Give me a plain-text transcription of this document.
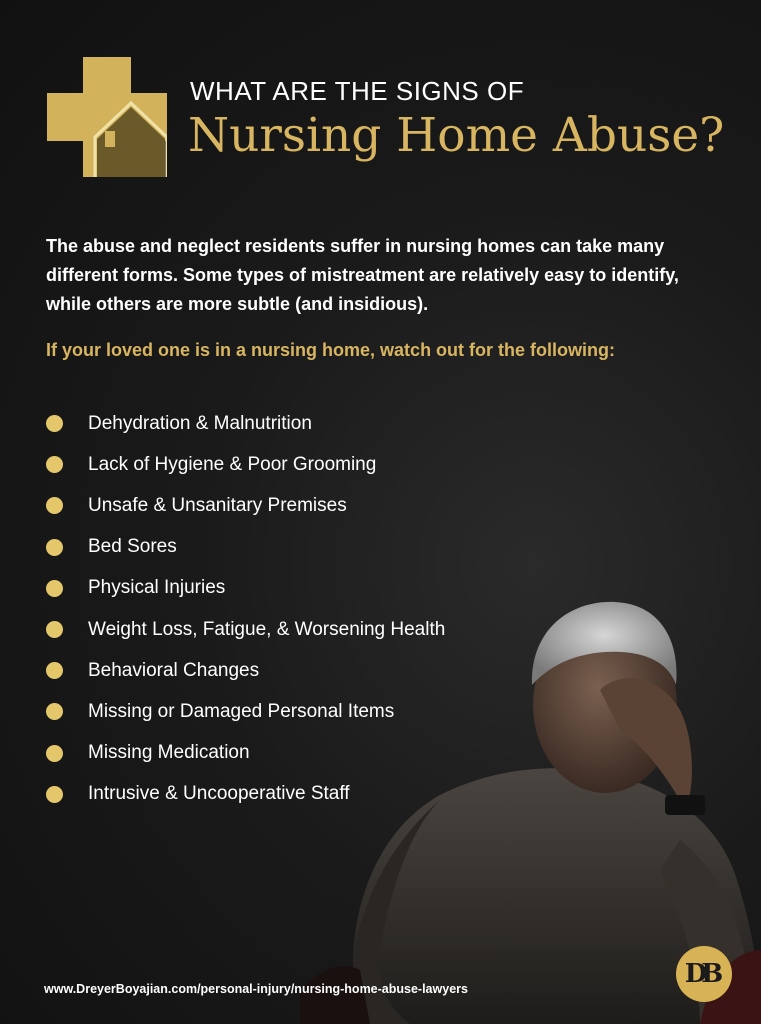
WHAT ARE THE SIGNS OF
Nursing Home Abuse?
The abuse and neglect residents suffer in nursing homes can take many different forms. Some types of mistreatment are relatively easy to identify, while others are more subtle (and insidious).
If your loved one is in a nursing home, watch out for the following:
Dehydration & Malnutrition
Lack of Hygiene & Poor Grooming
Unsafe & Unsanitary Premises
Bed Sores
Physical Injuries
Weight Loss, Fatigue, & Worsening Health
Behavioral Changes
Missing or Damaged Personal Items
Missing Medication
Intrusive & Uncooperative Staff
www.DreyerBoyajian.com/personal-injury/nursing-home-abuse-lawyers	DB
